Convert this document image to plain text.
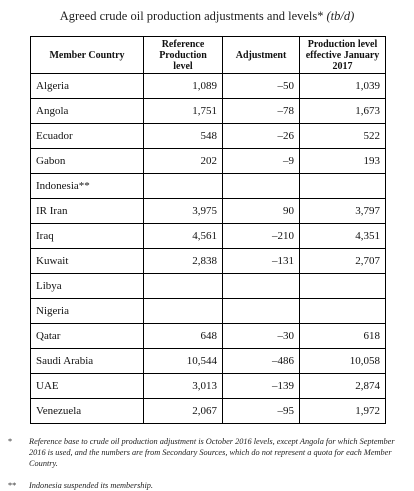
Agreed crude oil production adjustments and levels* (tb/d)
Member Country	Reference Production level	Adjustment	Production level effective January 2017
Algeria	1,089	–50	1,039
Angola	1,751	–78	1,673
Ecuador	548	–26	522
Gabon	202	–9	193
Indonesia**			
IR Iran	3,975	90	3,797
Iraq	4,561	–210	4,351
Kuwait	2,838	–131	2,707
Libya			
Nigeria			
Qatar	648	–30	618
Saudi Arabia	10,544	–486	10,058
UAE	3,013	–139	2,874
Venezuela	2,067	–95	1,972
* Reference base to crude oil production adjustment is October 2016 levels, except Angola for which September 2016 is used, and the numbers are from Secondary Sources, which do not represent a quota for each Member Country.
** Indonesia suspended its membership.
